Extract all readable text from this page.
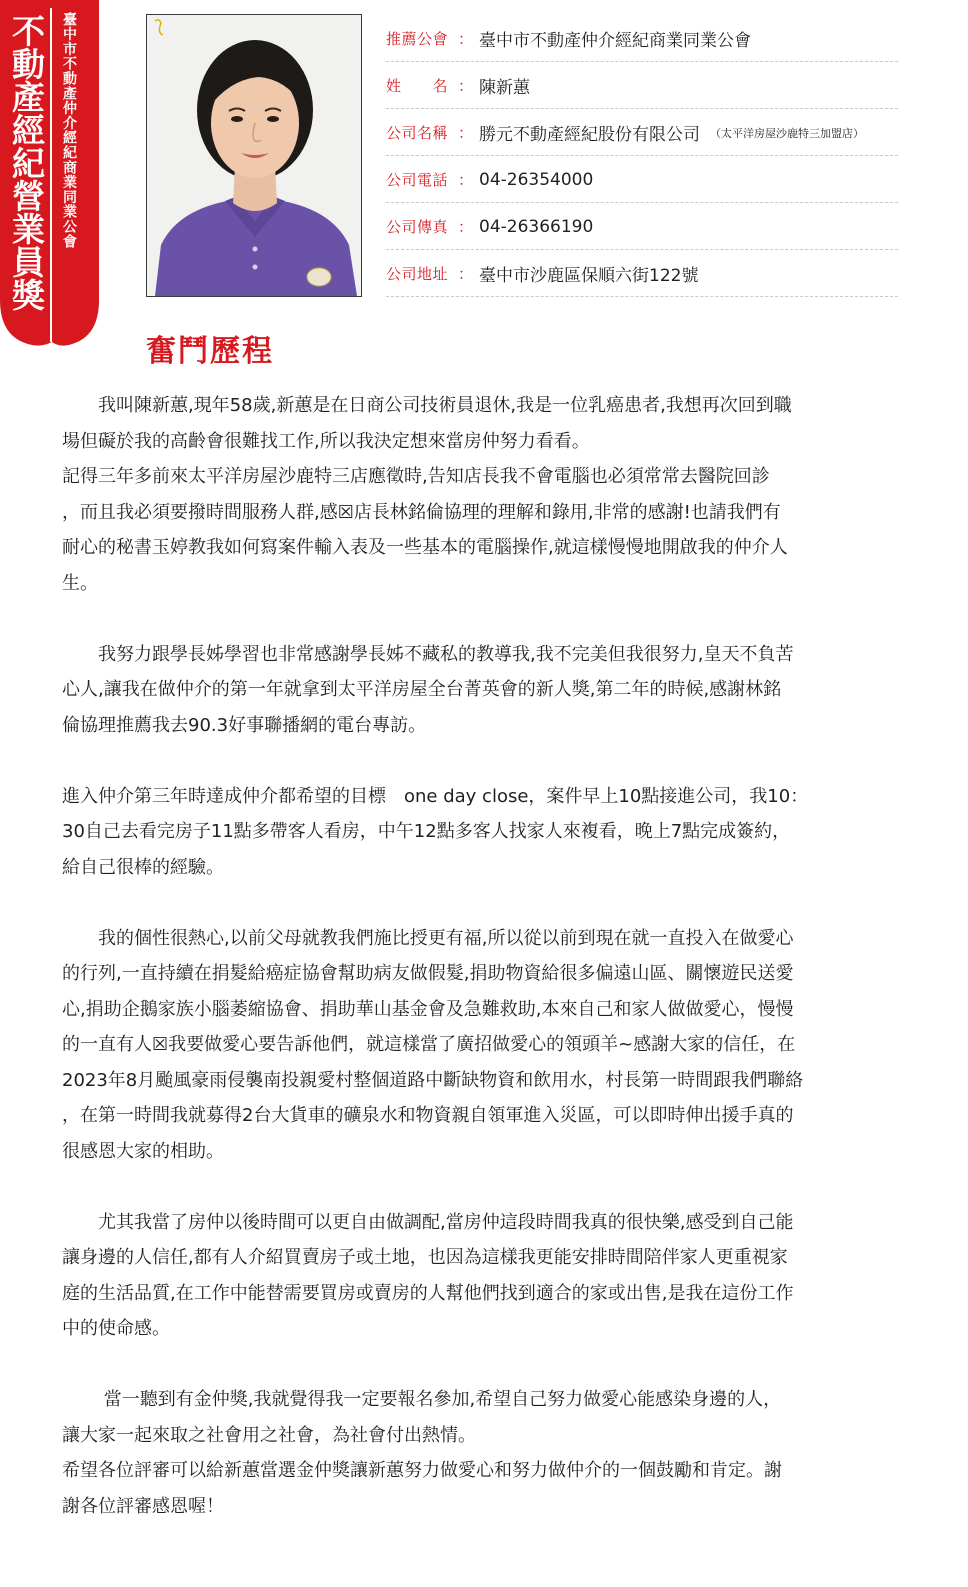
不動產經紀營業員獎 臺中市不動產仲介經紀商業同業公會	推薦公會 ： 臺中市不動產仲介經紀商業同業公會
姓　　名 ： 陳新蕙
公司名稱 ： 勝元不動產經紀股份有限公司 （太平洋房屋沙鹿特三加盟店）
公司電話 ： 04-26354000
公司傳真 ： 04-26366190
公司地址 ： 臺中市沙鹿區保順六街122號
奮鬥歷程

　　我叫陳新蕙,現年58歲,新蕙是在日商公司技術員退休,我是一位乳癌患者,我想再次回到職

場但礙於我的高齡會很難找工作,所以我決定想來當房仲努力看看。

記得三年多前來太平洋房屋沙鹿特三店應徵時,告知店長我不會電腦也必須常常去醫院回診

，而且我必須要撥時間服務人群,感☒店長林銘倫協理的理解和錄用,非常的感謝!也請我們有

耐心的秘書玉婷教我如何寫案件輸入表及一些基本的電腦操作,就這樣慢慢地開啟我的仲介人

生。

　　我努力跟學長姊學習也非常感謝學長姊不藏私的教導我,我不完美但我很努力,皇天不負苦

心人,讓我在做仲介的第一年就拿到太平洋房屋全台菁英會的新人獎,第二年的時候,感謝林銘

倫協理推薦我去90.3好事聯播網的電台專訪。

進入仲介第三年時達成仲介都希望的目標　one day close，案件早上10點接進公司，我10：

30自己去看完房子11點多帶客人看房，中午12點多客人找家人來複看，晚上7點完成簽約，

給自己很棒的經驗。

　　我的個性很熱心,以前父母就教我們施比授更有福,所以從以前到現在就一直投入在做愛心

的行列,一直持續在捐髮給癌症協會幫助病友做假髮,捐助物資給很多偏遠山區、關懷遊民送愛

心,捐助企鵝家族小腦萎縮協會、捐助華山基金會及急難救助,本來自己和家人做做愛心，慢慢

的一直有人☒我要做愛心要告訴他們，就這樣當了廣招做愛心的領頭羊~感謝大家的信任，在

2023年8月颱風豪雨侵襲南投親愛村整個道路中斷缺物資和飲用水，村長第一時間跟我們聯絡

，在第一時間我就募得2台大貨車的礦泉水和物資親自領軍進入災區，可以即時伸出援手真的

很感恩大家的相助。

　　尤其我當了房仲以後時間可以更自由做調配,當房仲這段時間我真的很快樂,感受到自己能

讓身邊的人信任,都有人介紹買賣房子或土地，也因為這樣我更能安排時間陪伴家人更重視家

庭的生活品質,在工作中能替需要買房或賣房的人幫他們找到適合的家或出售,是我在這份工作

中的使命感。

　　 當一聽到有金仲獎,我就覺得我一定要報名參加,希望自己努力做愛心能感染身邊的人，

讓大家一起來取之社會用之社會，為社會付出熱情。

希望各位評審可以給新蕙當選金仲獎讓新蕙努力做愛心和努力做仲介的一個鼓勵和肯定。謝

謝各位評審感恩喔！
